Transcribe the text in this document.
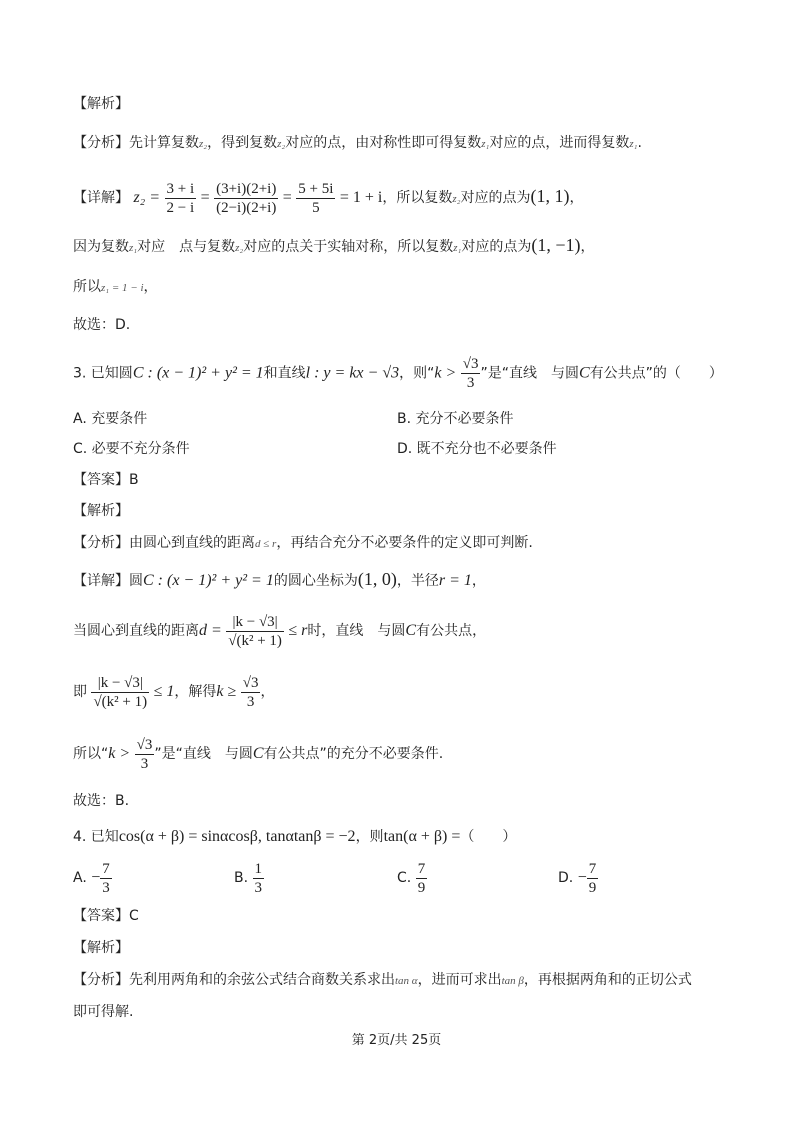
【解析】
【分析】先计算复数z₂，得到复数z₂对应的点，由对称性即可得复数z₁对应的点，进而得复数z₁.
【详解】 $z_2 = \frac{3 + i}{2 - i} = \frac{(3+i)(2+i)}{(2-i)(2+i)} = \frac{5 + 5i}{5} = 1 + i$，所以复数z₂对应的点为(1, 1)，
因为复数z₁对应　点与复数z₂对应的点关于实轴对称，所以复数z₁对应的点为(1, −1)，
所以z₁ = 1 − i，
故选：D.
3. 已知圆C : (x − 1)² + y² = 1和直线l : y = kx − √3，则“$k > \frac{√3}{3}$ ”是“直线　与圆C有公共点”的（　　）
A. 充要条件	B. 充分不必要条件
C. 必要不充分条件	D. 既不充分也不必要条件
【答案】B
【解析】
【分析】由圆心到直线的距离d ≤ r，再结合充分不必要条件的定义即可判断.
【详解】圆C : (x − 1)² + y² = 1的圆心坐标为(1, 0)，半径r = 1，
当圆心到直线的距离$d = \frac{|k - √3|}{\text{√(k² + 1)}} \le r$时，直线　与圆C有公共点，
即 $\frac{|k - √3|}{\text{√(k² + 1)}} \le 1$，解得$k \ge \frac{√3}{3}$ ，
所以“$k > \frac{√3}{3}$ ”是“直线　与圆C有公共点”的充分不必要条件.
故选：B.
4. 已知cos(α + β) = sinαcosβ, tanαtanβ = −2，则tan(α + β) =（　　）
A. − $\frac{7}{3}$	B. $\frac{1}{3}$	C. $\frac{7}{9}$	D. − $\frac{7}{9}$
【答案】C
【解析】
【分析】先利用两角和的余弦公式结合商数关系求出tan α，进而可求出tan β，再根据两角和的正切公式
即可得解.
第 2页/共 25页
